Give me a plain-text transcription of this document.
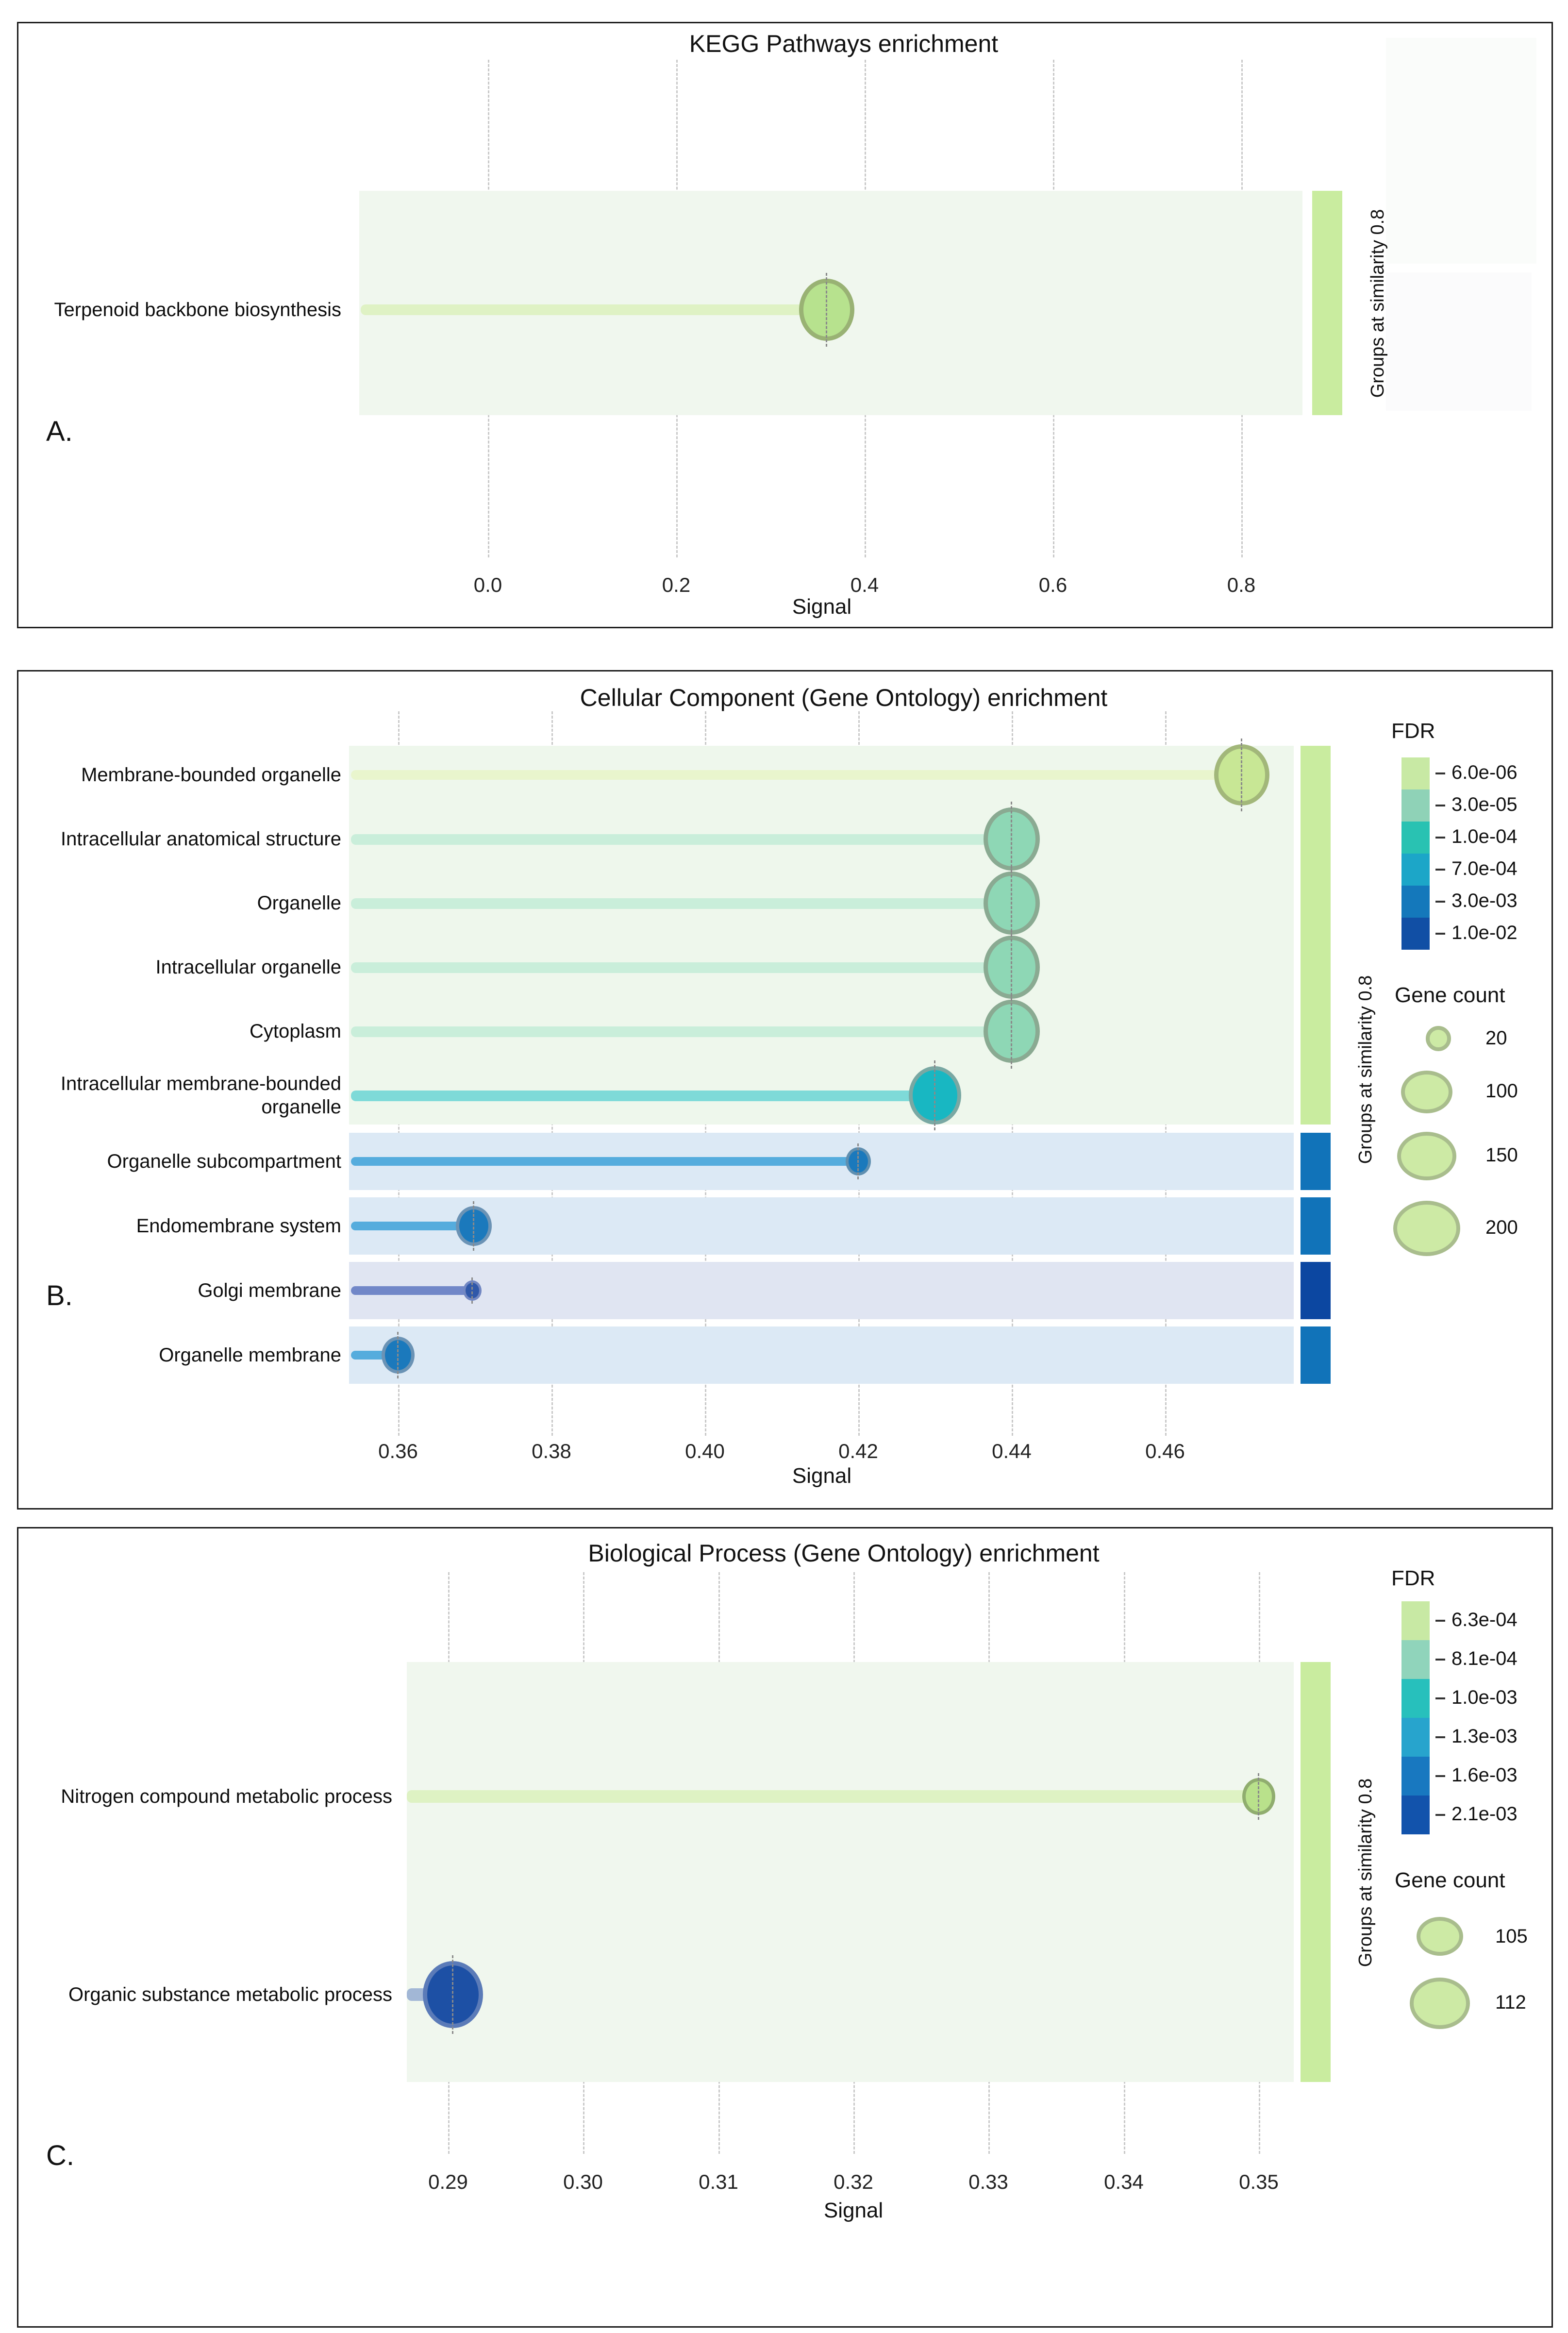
KEGG Pathways enrichment
Groups at similarity 0.8
Terpenoid backbone biosynthesis
0.0	0.2	0.4	0.6	0.8
Signal
A.
Cellular Component (Gene Ontology) enrichment
Groups at similarity 0.8
Membrane-bounded organelle
Intracellular anatomical structure
Organelle
Intracellular organelle
Cytoplasm
Intracellular membrane-bounded
organelle
Organelle subcompartment
Endomembrane system
Golgi membrane
Organelle membrane
FDR
6.0e-06
3.0e-05
1.0e-04
7.0e-04
3.0e-03
1.0e-02
Gene count
20
100
150
200
0.36	0.38	0.40	0.42	0.44	0.46
Signal
B.
Biological Process (Gene Ontology) enrichment
Groups at similarity 0.8
Nitrogen compound metabolic process
Organic substance metabolic process
FDR
6.3e-04
8.1e-04
1.0e-03
1.3e-03
1.6e-03
2.1e-03
Gene count
105
112
0.29	0.30	0.31	0.32	0.33	0.34	0.35
Signal
C.
